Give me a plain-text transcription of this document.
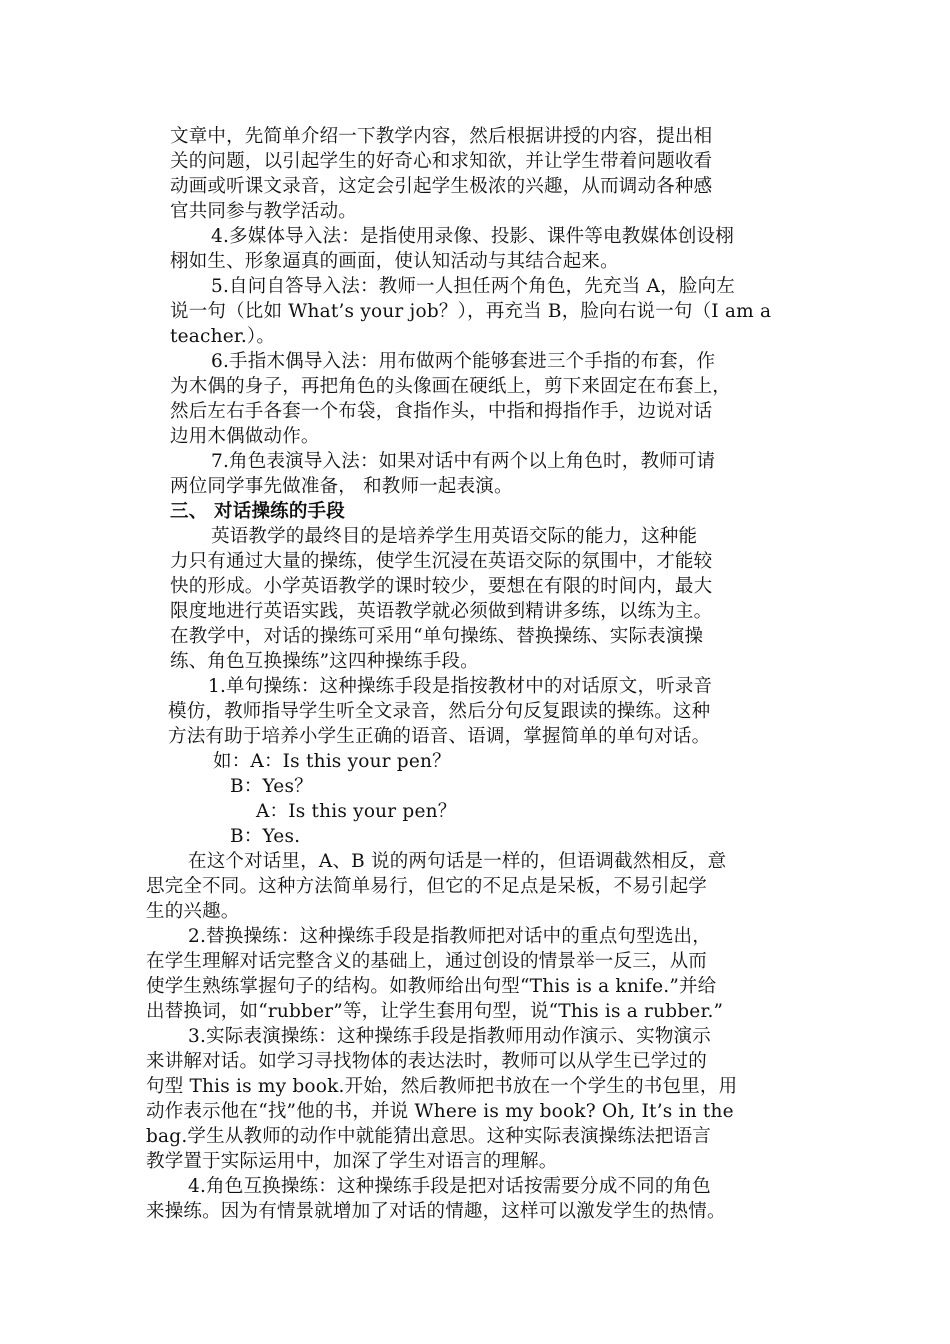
文章中，先简单介绍一下教学内容，然后根据讲授的内容，提出相
关的问题，以引起学生的好奇心和求知欲，并让学生带着问题收看
动画或听课文录音，这定会引起学生极浓的兴趣，从而调动各种感
官共同参与教学活动。
4.多媒体导入法：是指使用录像、投影、课件等电教媒体创设栩
栩如生、形象逼真的画面，使认知活动与其结合起来。
5.自问自答导入法：教师一人担任两个角色，先充当 A，脸向左
说一句（比如 What’s your job？），再充当 B，脸向右说一句（I am a
teacher.）。
6.手指木偶导入法：用布做两个能够套进三个手指的布套，作
为木偶的身子，再把角色的头像画在硬纸上，剪下来固定在布套上，
然后左右手各套一个布袋，食指作头，中指和拇指作手，边说对话
边用木偶做动作。
7.角色表演导入法：如果对话中有两个以上角色时，教师可请
两位同学事先做准备， 和教师一起表演。
三、 对话操练的手段
英语教学的最终目的是培养学生用英语交际的能力，这种能
力只有通过大量的操练，使学生沉浸在英语交际的氛围中，才能较
快的形成。小学英语教学的课时较少，要想在有限的时间内，最大
限度地进行英语实践，英语教学就必须做到精讲多练，以练为主。
在教学中，对话的操练可采用“单句操练、替换操练、实际表演操
练、角色互换操练”这四种操练手段。
1.单句操练：这种操练手段是指按教材中的对话原文，听录音
模仿，教师指导学生听全文录音，然后分句反复跟读的操练。这种
方法有助于培养小学生正确的语音、语调，掌握简单的单句对话。
如：A：Is this your pen？
B：Yes？
A：Is this your pen？
B：Yes.
在这个对话里，A、B 说的两句话是一样的，但语调截然相反，意
思完全不同。这种方法简单易行，但它的不足点是呆板，不易引起学
生的兴趣。
2.替换操练：这种操练手段是指教师把对话中的重点句型选出，
在学生理解对话完整含义的基础上，通过创设的情景举一反三，从而
使学生熟练掌握句子的结构。如教师给出句型“This is a knife.”并给
出替换词，如“rubber”等，让学生套用句型，说“This is a rubber.”
3.实际表演操练：这种操练手段是指教师用动作演示、实物演示
来讲解对话。如学习寻找物体的表达法时，教师可以从学生已学过的
句型 This is my book.开始，然后教师把书放在一个学生的书包里，用
动作表示他在“找”他的书，并说 Where is my book? Oh, It’s in the
bag.学生从教师的动作中就能猜出意思。这种实际表演操练法把语言
教学置于实际运用中，加深了学生对语言的理解。
4.角色互换操练：这种操练手段是把对话按需要分成不同的角色
来操练。因为有情景就增加了对话的情趣，这样可以激发学生的热情。
